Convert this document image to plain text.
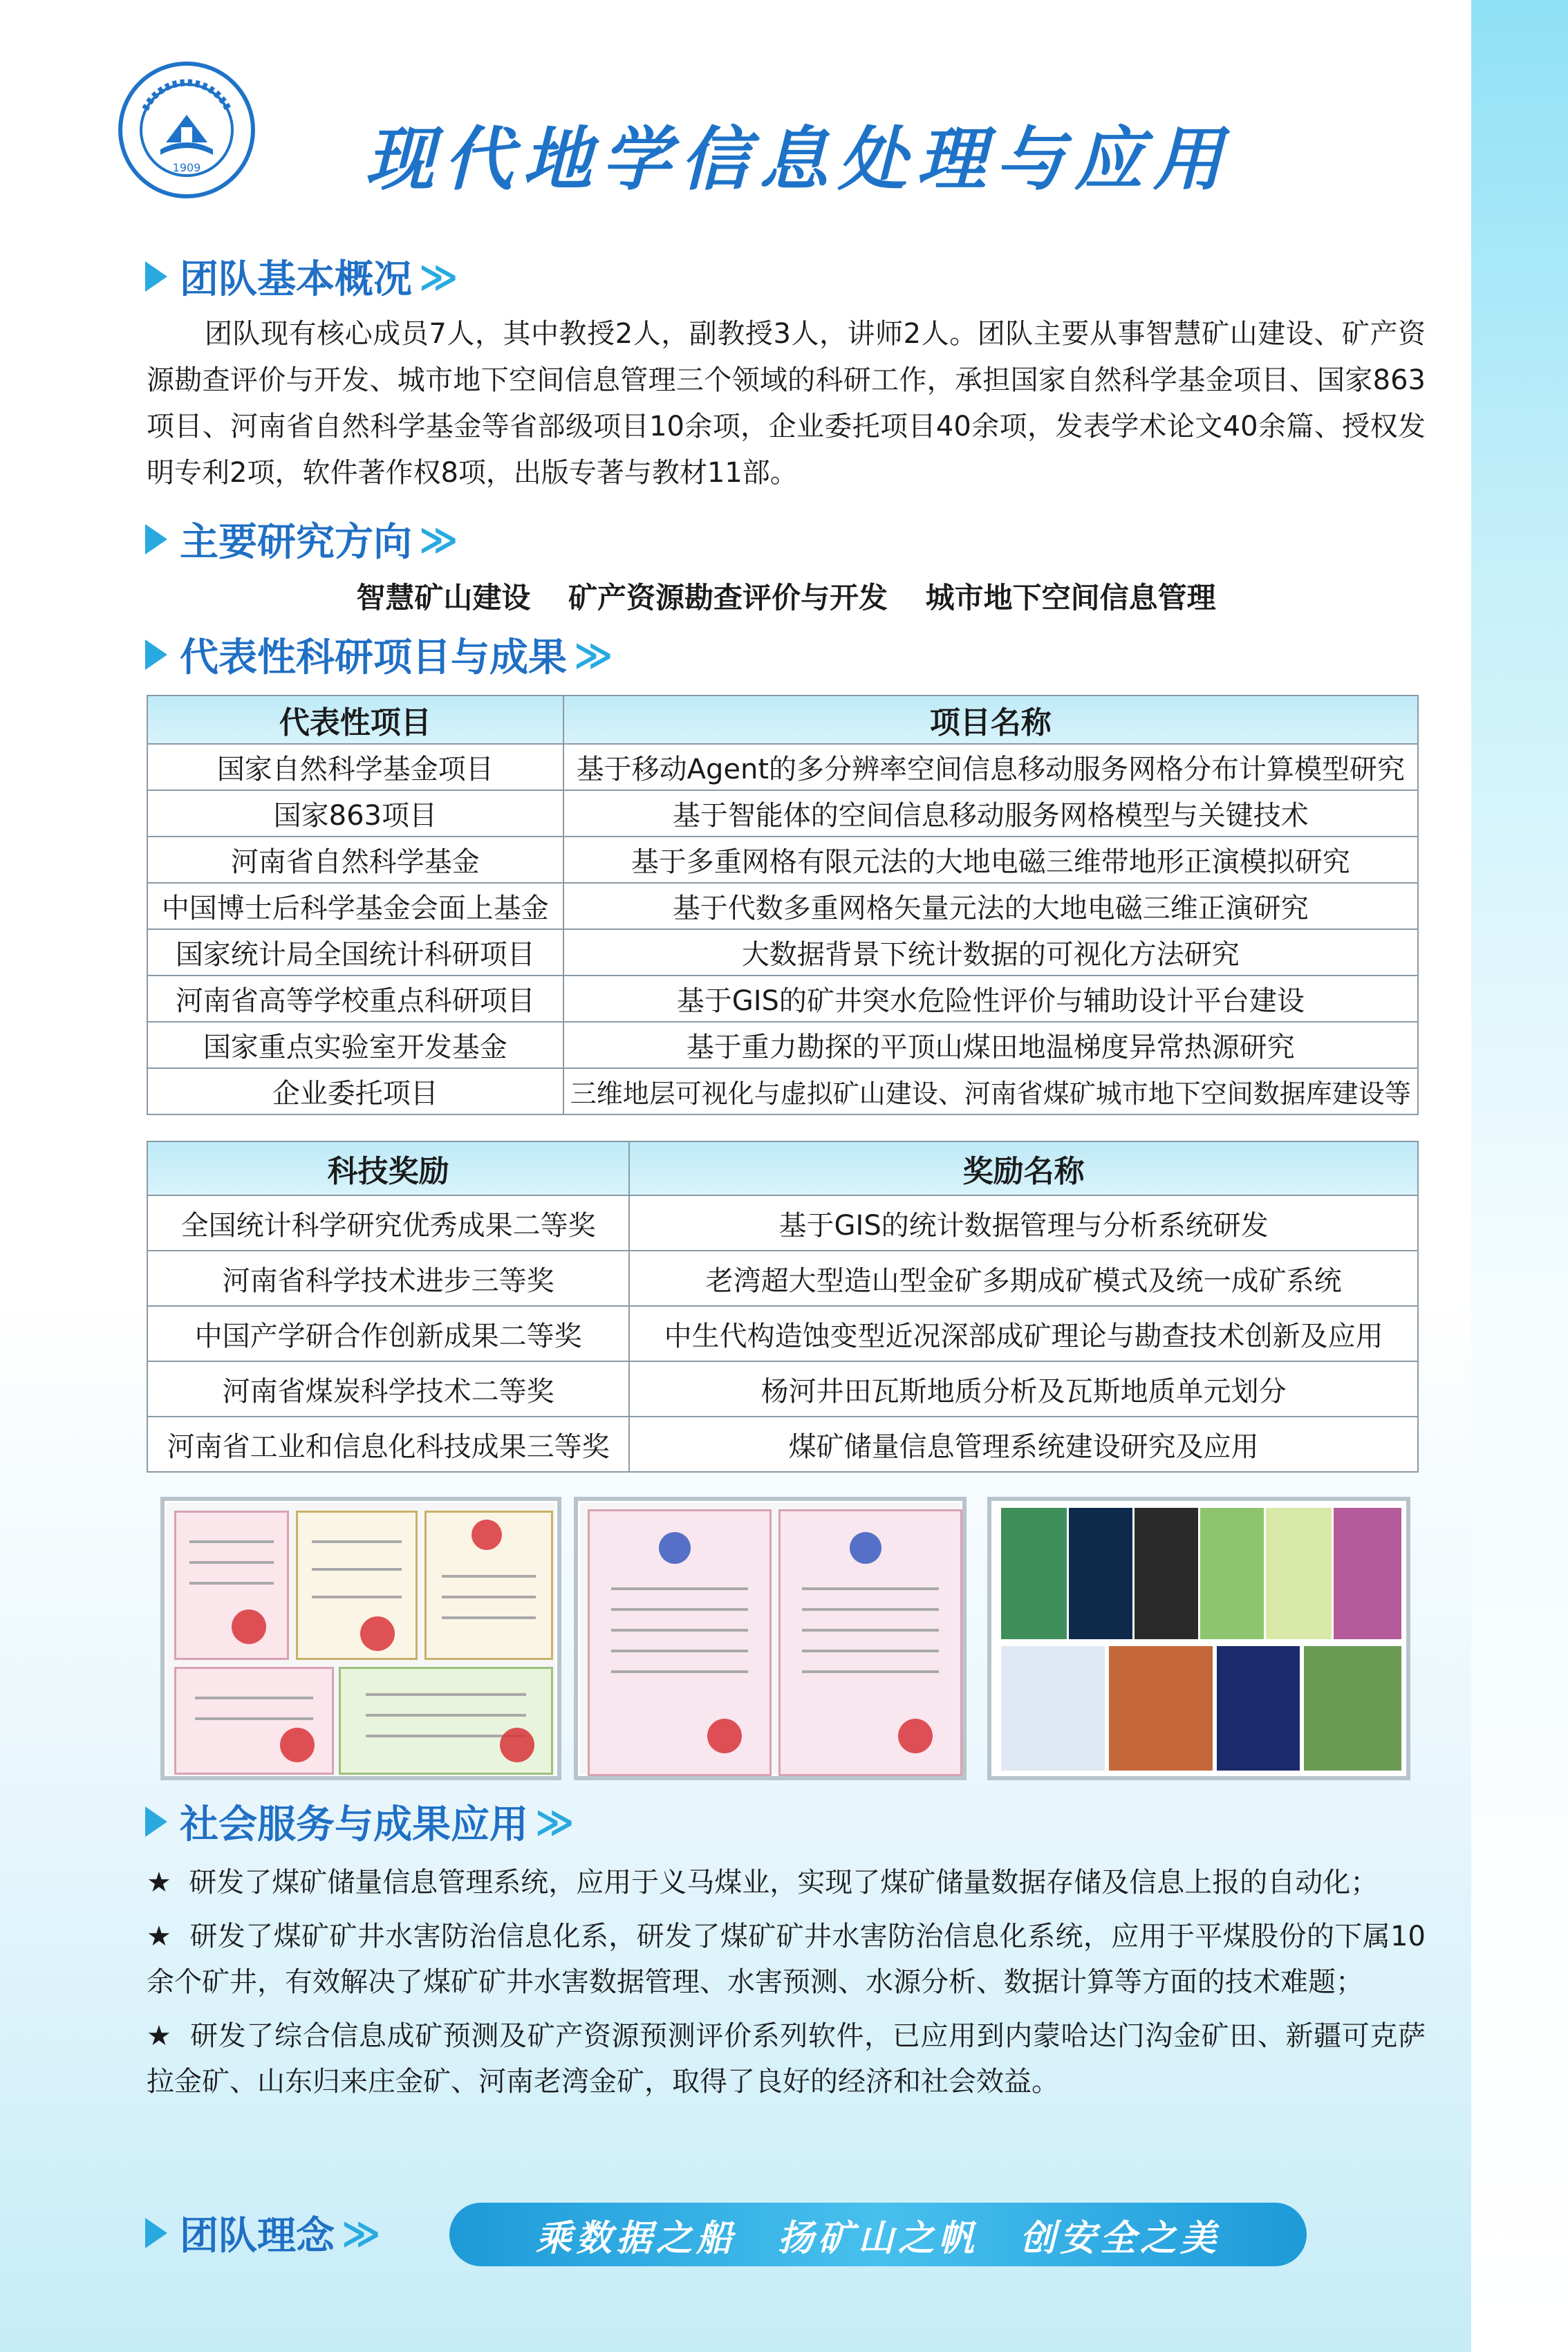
1909	现代地学信息处理与应用
团队基本概况 ≫
团队现有核心成员7人，其中教授2人，副教授3人，讲师2人。团队主要从事智慧矿山建设、矿产资源勘查评价与开发、城市地下空间信息管理三个领域的科研工作，承担国家自然科学基金项目、国家863项目、河南省自然科学基金等省部级项目10余项，企业委托项目40余项，发表学术论文40余篇、授权发明专利2项，软件著作权8项，出版专著与教材11部。
主要研究方向 ≫
智慧矿山建设 矿产资源勘查评价与开发 城市地下空间信息管理
代表性科研项目与成果 ≫
代表性项目	项目名称
国家自然科学基金项目	基于移动Agent的多分辨率空间信息移动服务网格分布计算模型研究
国家863项目	基于智能体的空间信息移动服务网格模型与关键技术
河南省自然科学基金	基于多重网格有限元法的大地电磁三维带地形正演模拟研究
中国博士后科学基金会面上基金	基于代数多重网格矢量元法的大地电磁三维正演研究
国家统计局全国统计科研项目	大数据背景下统计数据的可视化方法研究
河南省高等学校重点科研项目	基于GIS的矿井突水危险性评价与辅助设计平台建设
国家重点实验室开发基金	基于重力勘探的平顶山煤田地温梯度异常热源研究
企业委托项目	三维地层可视化与虚拟矿山建设、河南省煤矿城市地下空间数据库建设等
科技奖励	奖励名称
全国统计科学研究优秀成果二等奖	基于GIS的统计数据管理与分析系统研发
河南省科学技术进步三等奖	老湾超大型造山型金矿多期成矿模式及统一成矿系统
中国产学研合作创新成果二等奖	中生代构造蚀变型近况深部成矿理论与勘查技术创新及应用
河南省煤炭科学技术二等奖	杨河井田瓦斯地质分析及瓦斯地质单元划分
河南省工业和信息化科技成果三等奖	煤矿储量信息管理系统建设研究及应用
社会服务与成果应用 ≫

★ 研发了煤矿储量信息管理系统，应用于义马煤业，实现了煤矿储量数据存储及信息上报的自动化；

★ 研发了煤矿矿井水害防治信息化系，研发了煤矿矿井水害防治信息化系统，应用于平煤股份的下属10余个矿井，有效解决了煤矿矿井水害数据管理、水害预测、水源分析、数据计算等方面的技术难题；

★ 研发了综合信息成矿预测及矿产资源预测评价系列软件，已应用到内蒙哈达门沟金矿田、新疆可克萨拉金矿、山东归来庄金矿、河南老湾金矿，取得了良好的经济和社会效益。

团队理念 ≫	乘数据之船 扬矿山之帆 创安全之美
